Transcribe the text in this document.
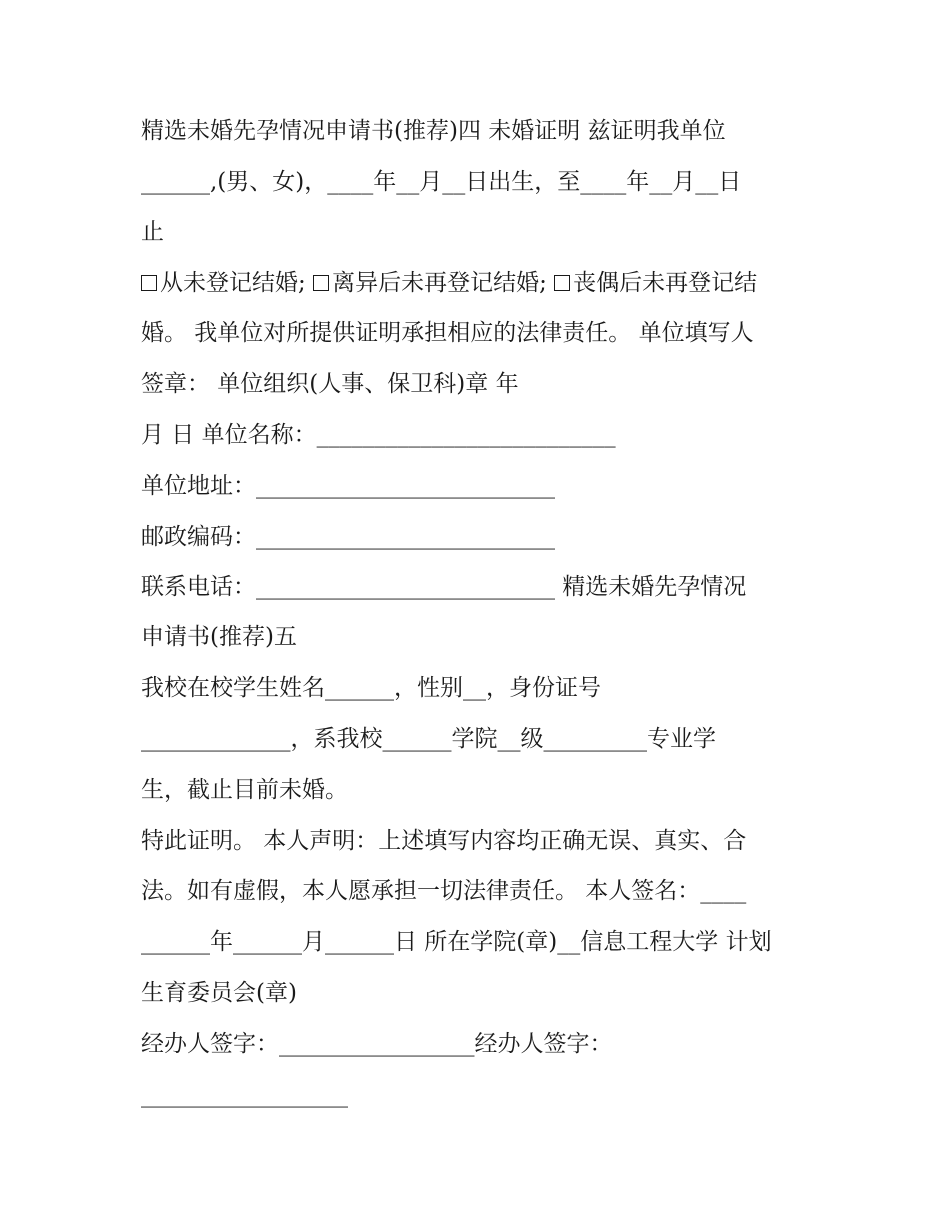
精选未婚先孕情况申请书(推荐)四 未婚证明 兹证明我单位
______,(男、女)，____年__月__日出生，至____年__月__日
止
从未登记结婚; 离异后未再登记结婚; 丧偶后未再登记结
婚。 我单位对所提供证明承担相应的法律责任。 单位填写人
签章： 单位组织(人事、保卫科)章 年
月 日 单位名称：__________________________
单位地址：__________________________
邮政编码：__________________________
联系电话：__________________________ 精选未婚先孕情况
申请书(推荐)五
我校在校学生姓名______，性别__，身份证号
_____________，系我校______学院__级_________专业学
生，截止目前未婚。
特此证明。 本人声明：上述填写内容均正确无误、真实、合
法。如有虚假，本人愿承担一切法律责任。 本人签名：____
______年______月______日 所在学院(章)__信息工程大学 计划
生育委员会(章)
经办人签字：_________________经办人签字：
__________________
